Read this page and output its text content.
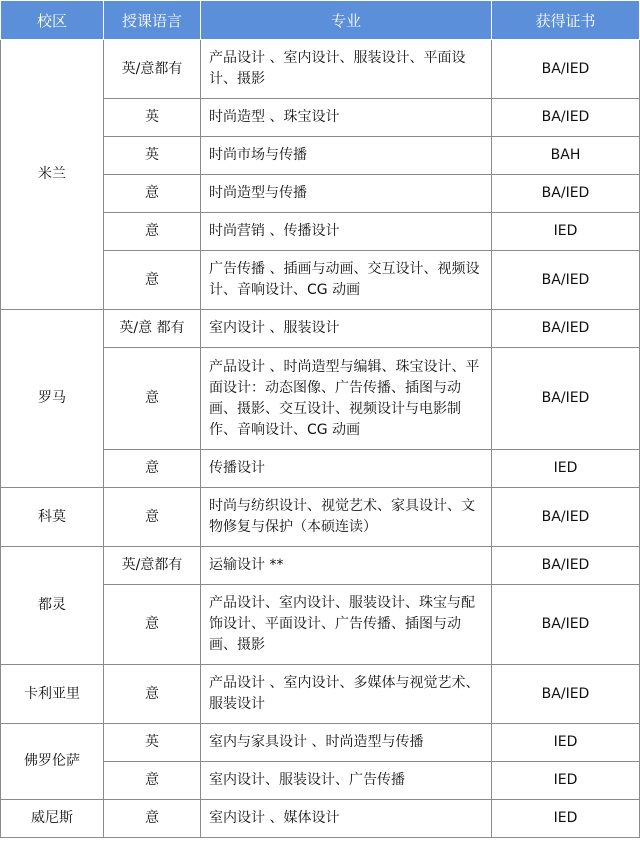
校区	授课语言	专业	获得证书
米兰	英/意都有	产品设计 、室内设计、服装设计、平面设计、摄影	BA/IED
	英	时尚造型 、珠宝设计	BA/IED
	英	时尚市场与传播	BAH
	意	时尚造型与传播	BA/IED
	意	时尚营销 、传播设计	IED
	意	广告传播 、插画与动画、交互设计、视频设计、音响设计、CG 动画	BA/IED
罗马	英/意 都有	室内设计 、服装设计	BA/IED
	意	产品设计 、时尚造型与编辑、珠宝设计、平面设计：动态图像、广告传播、插图与动画、摄影、交互设计、视频设计与电影制作、音响设计、CG 动画	BA/IED
	意	传播设计	IED
科莫	意	时尚与纺织设计、视觉艺术、家具设计、文物修复与保护（本硕连读）	BA/IED
都灵	英/意都有	运输设计 **	BA/IED
	意	产品设计、室内设计、服装设计、珠宝与配饰设计、平面设计、广告传播、插图与动画、摄影	BA/IED
卡利亚里	意	产品设计 、室内设计、多媒体与视觉艺术、服装设计	BA/IED
佛罗伦萨	英	室内与家具设计 、时尚造型与传播	IED
	意	室内设计、服装设计、广告传播	IED
威尼斯	意	室内设计 、媒体设计	IED
